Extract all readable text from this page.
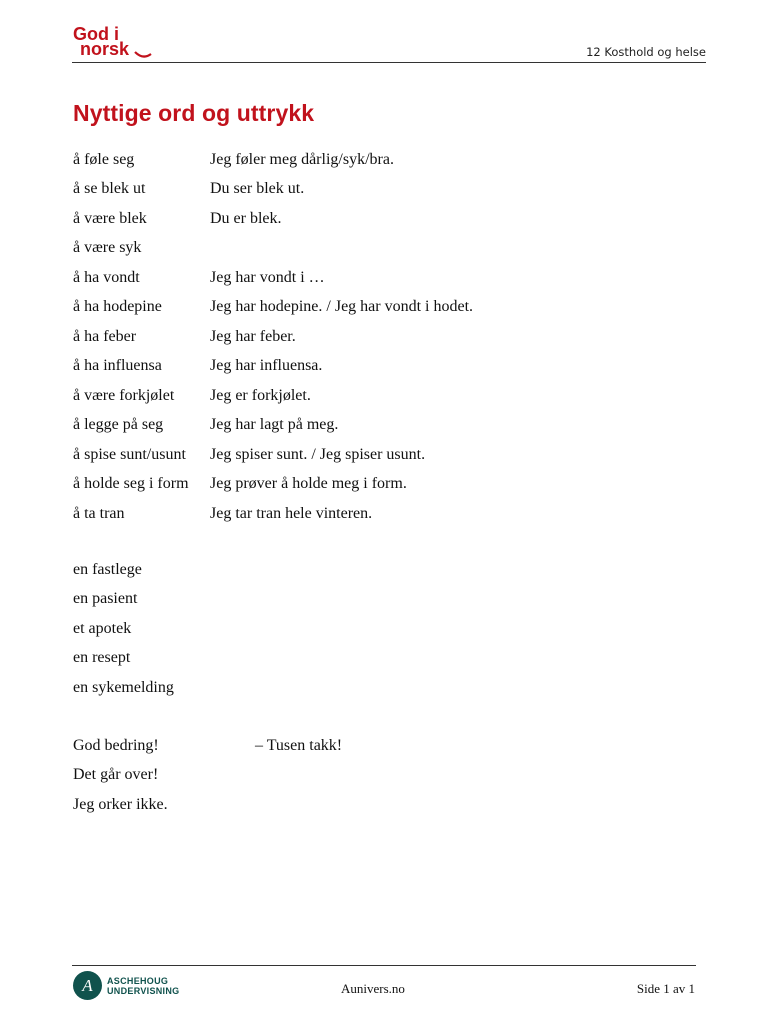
God i
norsk	12 Kosthold og helse
Nyttige ord og uttrykk
å føle seg	Jeg føler meg dårlig/syk/bra.
å se blek ut	Du ser blek ut.
å være blek	Du er blek.
å være syk
å ha vondt	Jeg har vondt i …
å ha hodepine	Jeg har hodepine. / Jeg har vondt i hodet.
å ha feber	Jeg har feber.
å ha influensa	Jeg har influensa.
å være forkjølet	Jeg er forkjølet.
å legge på seg	Jeg har lagt på meg.
å spise sunt/usunt	Jeg spiser sunt. / Jeg spiser usunt.
å holde seg i form	Jeg prøver å holde meg i form.
å ta tran	Jeg tar tran hele vinteren.
en fastlege
en pasient
et apotek
en resept
en sykemelding
God bedring!	– Tusen takk!
Det går over!
Jeg orker ikke.
A	ASCHEHOUG
UNDERVISNING	Aunivers.no	Side 1 av 1
